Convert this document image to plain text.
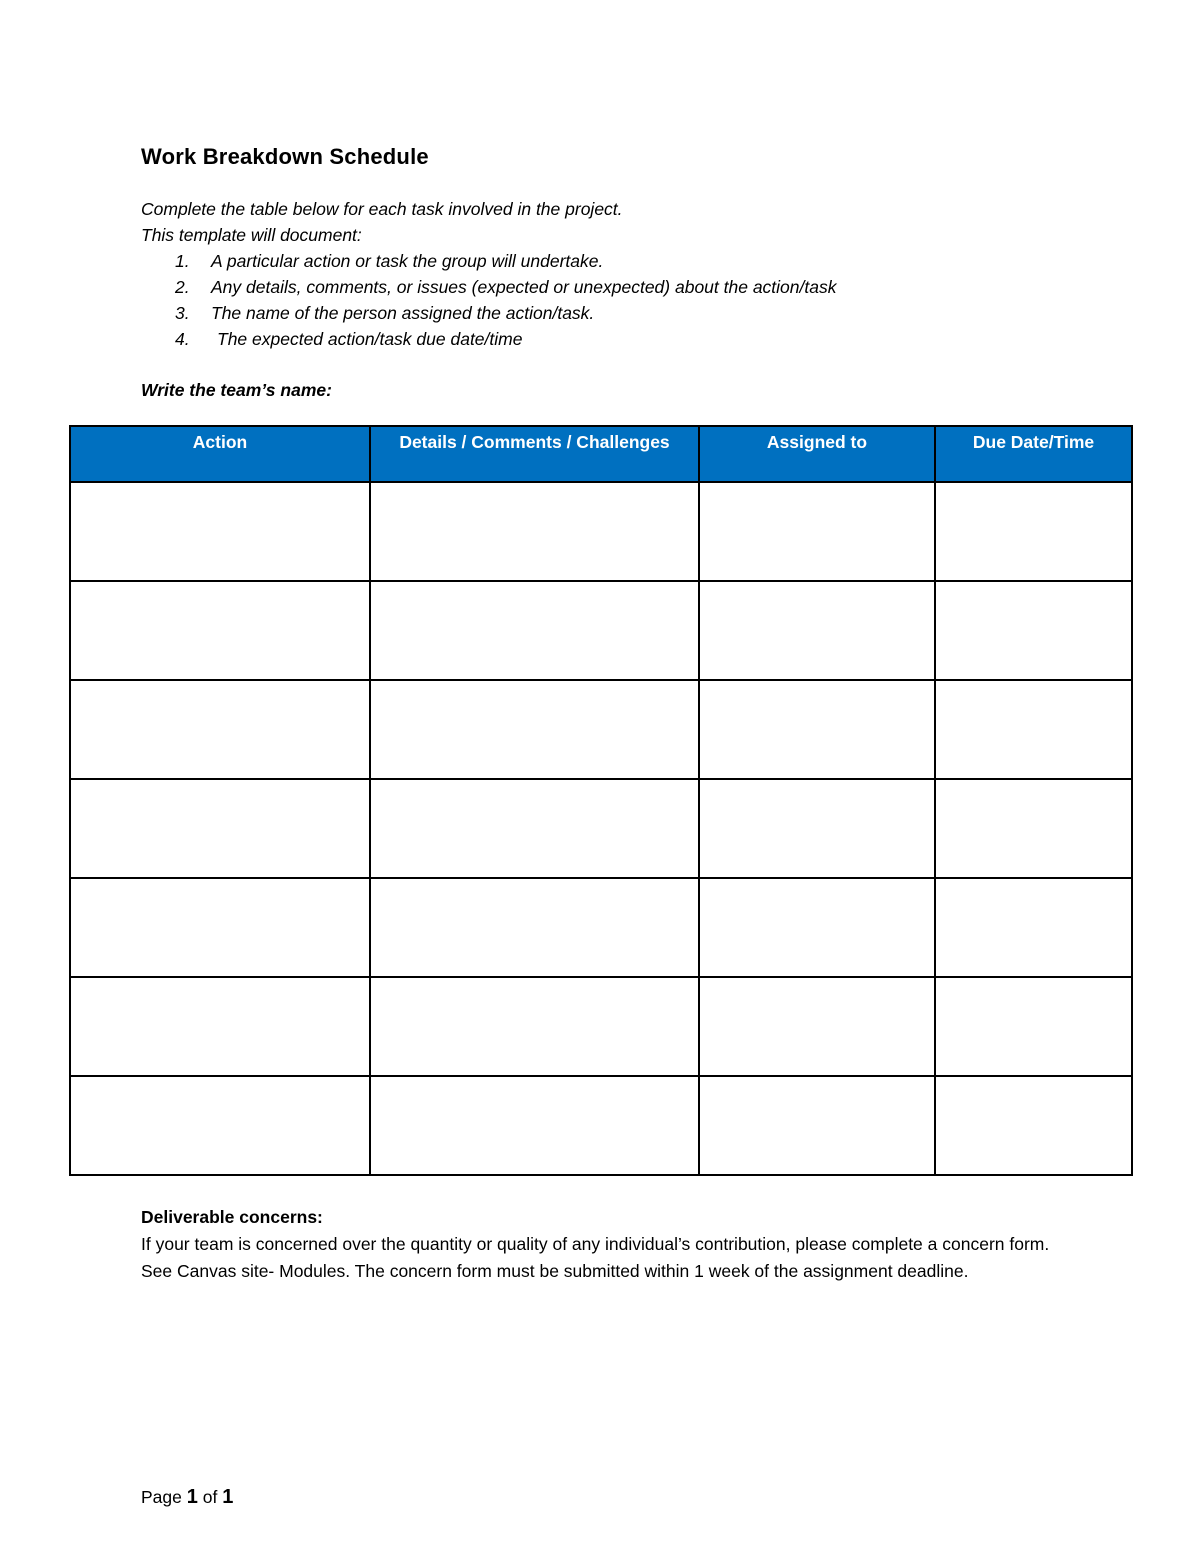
Work Breakdown Schedule

Complete the table below for each task involved in the project.

This template will document:

1. A particular action or task the group will undertake.
2. Any details, comments, or issues (expected or unexpected) about the action/task
3. The name of the person assigned the action/task.
4. The expected action/task due date/time
Write the team’s name:
Action	Details / Comments / Challenges	Assigned to	Due Date/Time

Deliverable concerns:
If your team is concerned over the quantity or quality of any individual’s contribution, please complete a concern form. See Canvas site- Modules. The concern form must be submitted within 1 week of the assignment deadline.
Page 1 of 1
